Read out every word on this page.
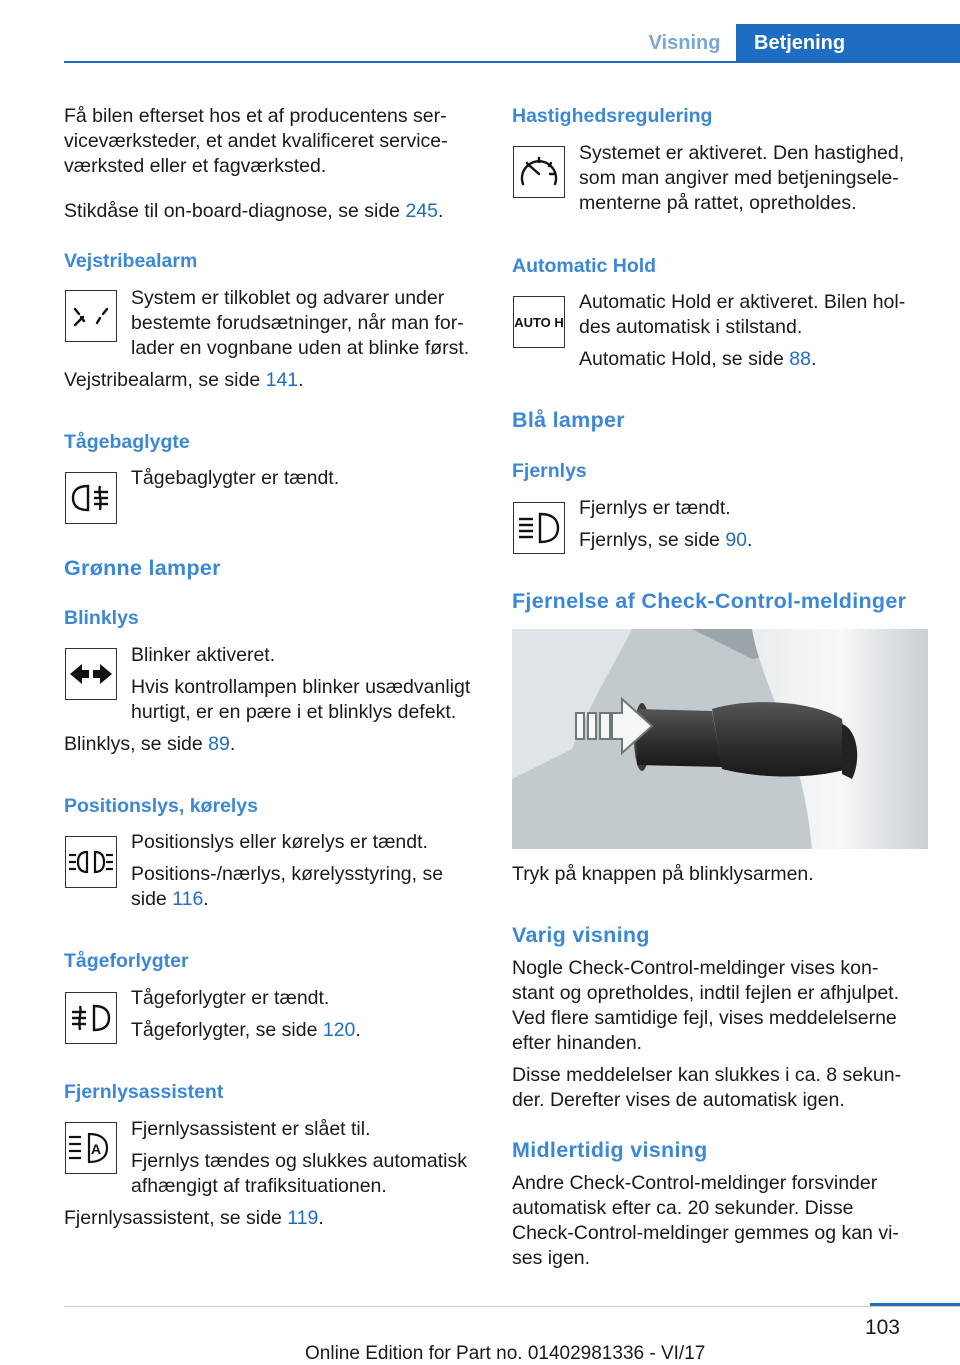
Visning	Betjening

Få bilen efterset hos et af producentens ser-

viceværksteder, et andet kvalificeret service-

værksted eller et fagværksted.

Stikdåse til on-board-diagnose, se side 245.
Vejstribealarm

System er tilkoblet og advarer under

bestemte forudsætninger, når man for-

lader en vognbane uden at blinke først.

Vejstribealarm, se side 141.
Tågebaglygte

Tågebaglygter er tændt.

Grønne lamper
Blinklys

Blinker aktiveret.

Hvis kontrollampen blinker usædvanligt

hurtigt, er en pære i et blinklys defekt.

Blinklys, se side 89.
Positionslys, kørelys

Positionslys eller kørelys er tændt.

Positions-/nærlys, kørelysstyring, se

side 116.

Tågeforlygter

Tågeforlygter er tændt.

Tågeforlygter, se side 120.

Fjernlysassistent
A

Fjernlysassistent er slået til.

Fjernlys tændes og slukkes automatisk

afhængigt af trafiksituationen.

Fjernlysassistent, se side 119.
Hastighedsregulering

Systemet er aktiveret. Den hastighed,

som man angiver med betjeningsele-

menterne på rattet, opretholdes.

Automatic Hold
AUTO H

Automatic Hold er aktiveret. Bilen hol-

des automatisk i stilstand.

Automatic Hold, se side 88.

Blå lamper
Fjernlys

Fjernlys er tændt.

Fjernlys, se side 90.

Fjernelse af Check-Control-meldinger
Tryk på knappen på blinklysarmen.
Varig visning

Nogle Check-Control-meldinger vises kon-

stant og opretholdes, indtil fejlen er afhjulpet.

Ved flere samtidige fejl, vises meddelelserne

efter hinanden.

Disse meddelelser kan slukkes i ca. 8 sekun-

der. Derefter vises de automatisk igen.

Midlertidig visning

Andre Check-Control-meldinger forsvinder

automatisk efter ca. 20 sekunder. Disse

Check-Control-meldinger gemmes og kan vi-

ses igen.

103
Online Edition for Part no. 01402981336 - VI/17
